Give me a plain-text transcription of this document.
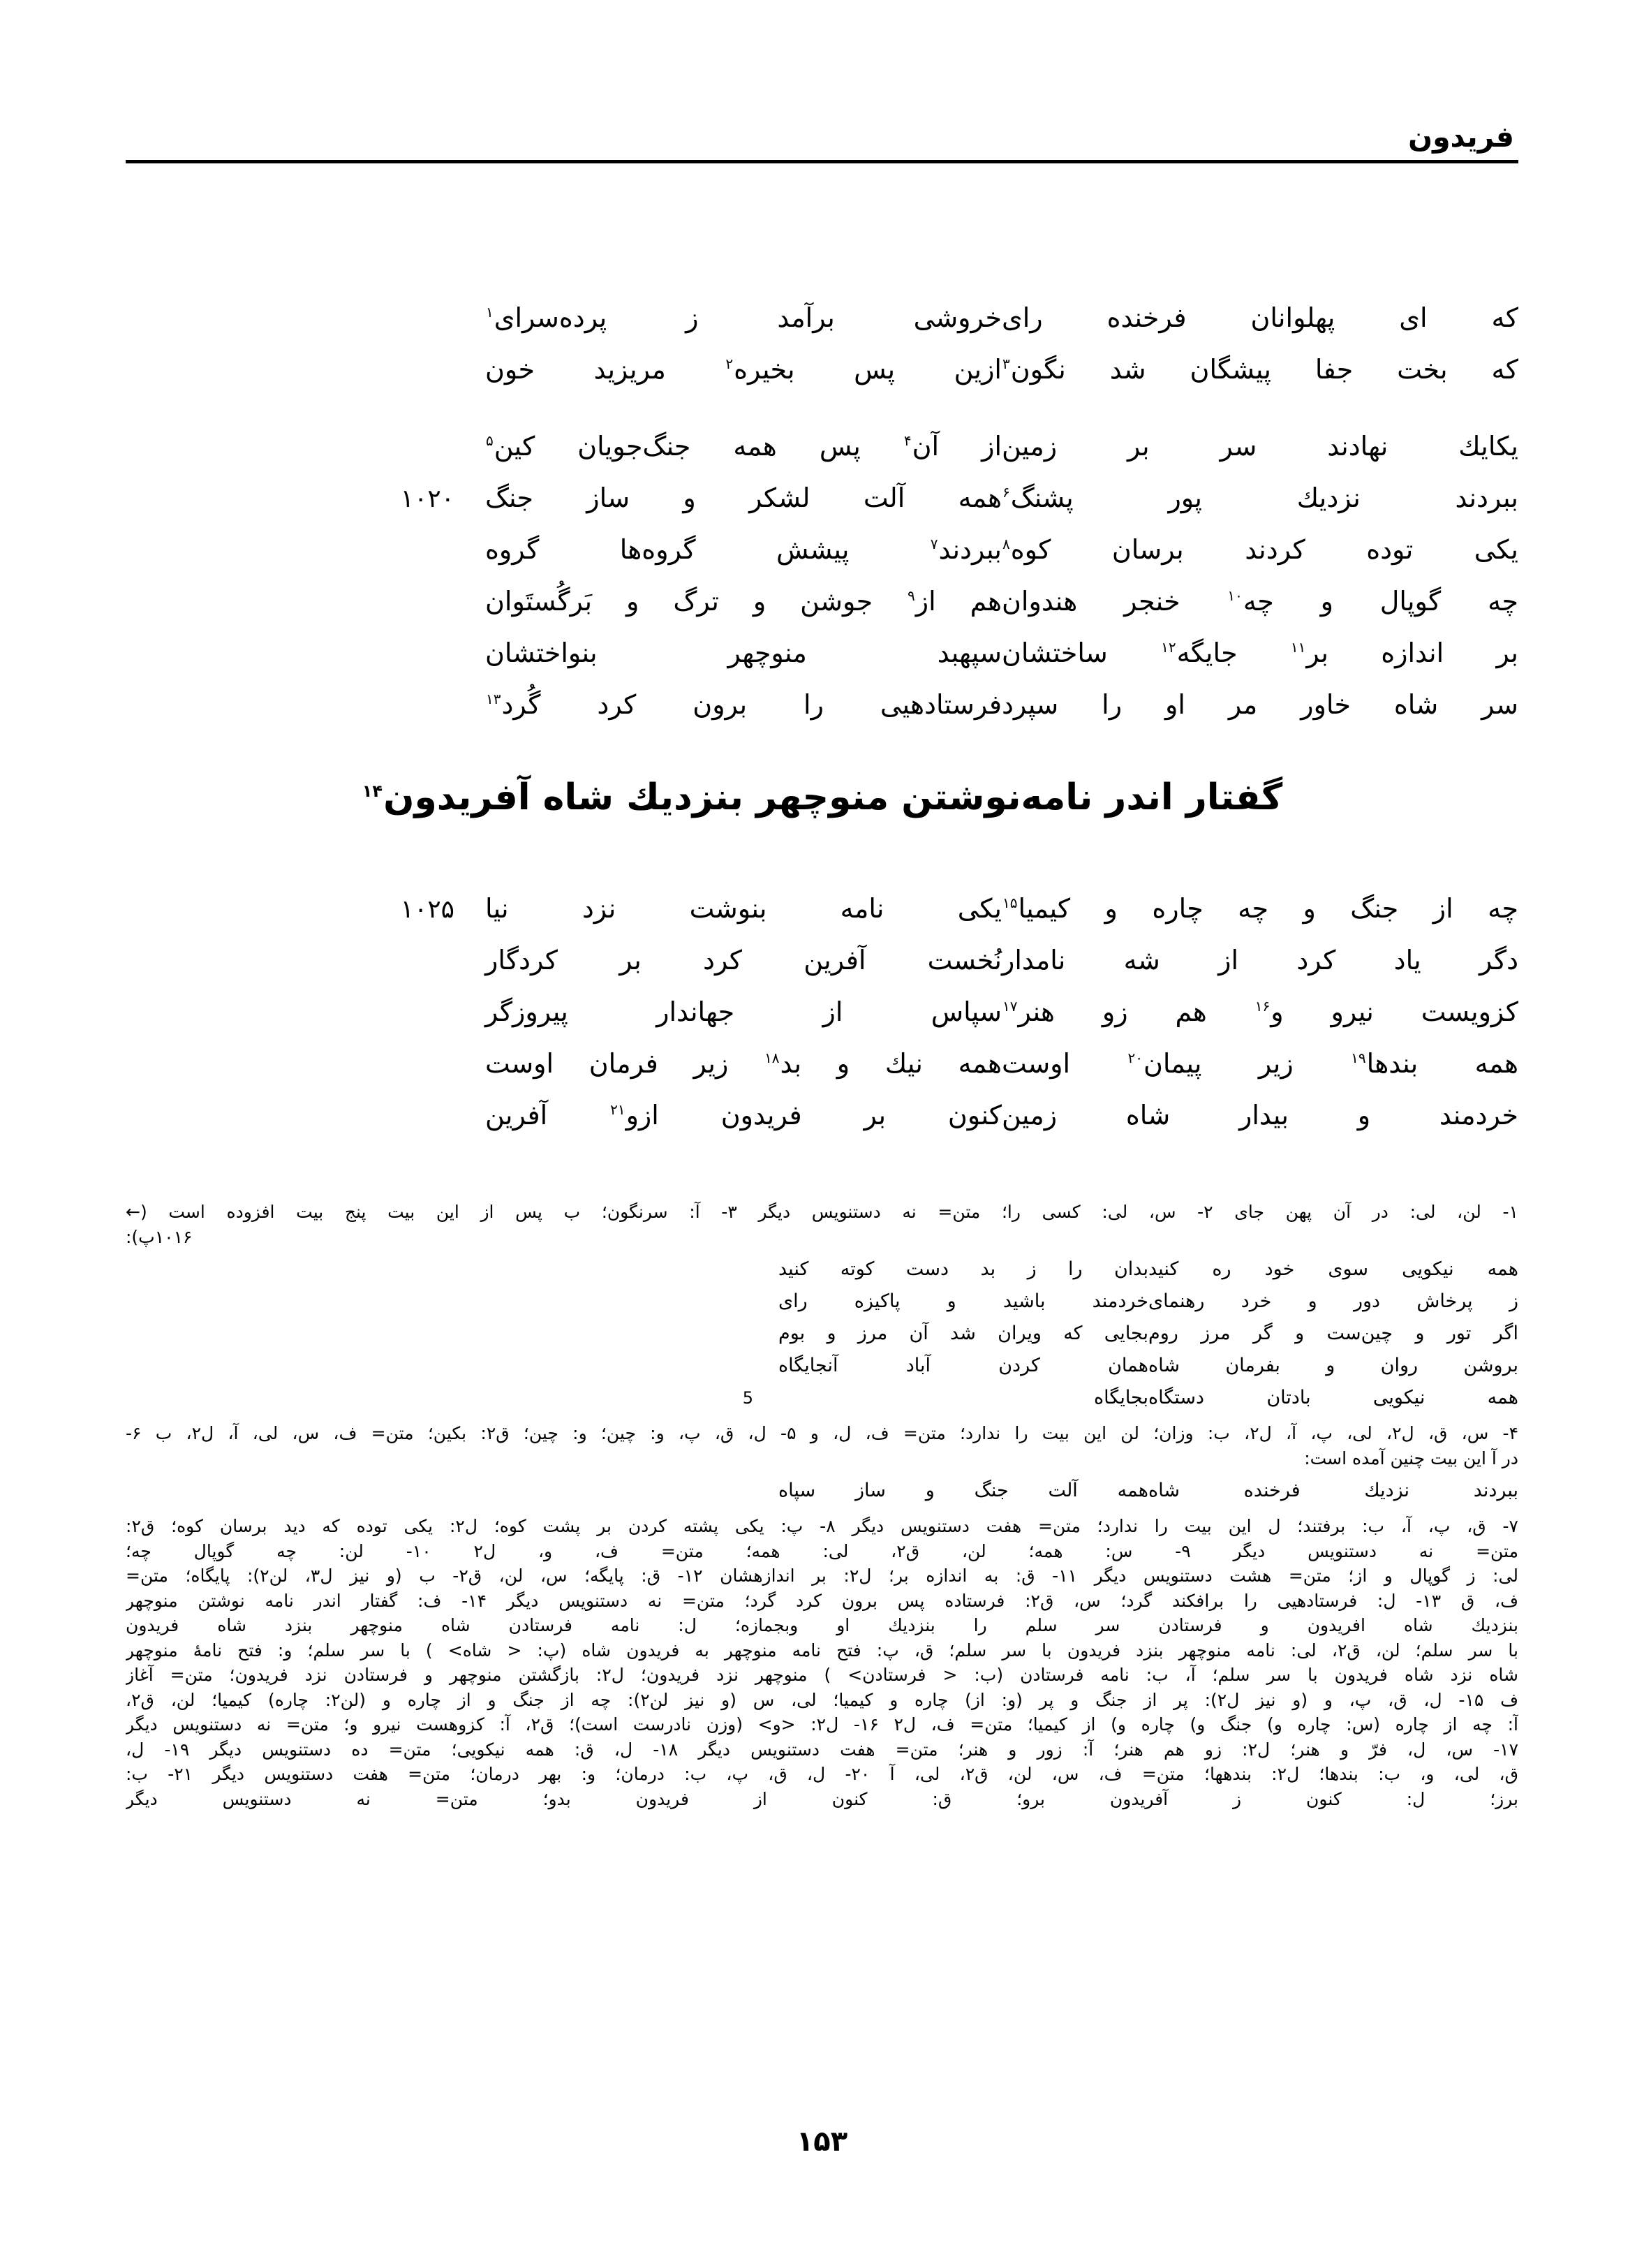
فریدون
که اى پهلوانان فرخنده راى
خروشى برآمد ز پرده‌سراى$^۱$
که بخت جفا پیشگان شد نگون$^۳$
ازین پس بخیره$^۲$ مریزید خون
یکایك نهادند سر بر زمین
از آن$^۴$ پس همه جنگ‌جویان کین$^۵$
ببردند نزدیك پور پشنگ$^۶$
همه آلت لشکر و ساز جنگ
۱۰۲۰
یکى توده کردند برسان کوه$^۸$
ببردند$^۷$ پیشش گروه‌ها گروه
چه گوپال و چه$^{۱۰}$ خنجر هندوان
هم از$^۹$ جوشن و ترگ و بَرگُستَوان
بر اندازه بر$^{۱۱}$ جایگه$^{۱۲}$ ساختشان
سپهبد منوچهر بنواختشان
سر شاه خاور مر او را سپرد
فرستادهیى را برون کرد گُرد$^{۱۳}$
گفتار اندر نامه‌نوشتن منوچهر بنزدیك شاه آفریدون$^{۱۴}$
چه از جنگ و چه چاره و کیمیا$^{۱۵}$
یکى نامه بنوشت نزد نیا
۱۰۲۵
دگر یاد کرد از شه نامدار
نُخست آفرین کرد بر کردگار
کزویست نیرو و$^{۱۶}$ هم زو هنر$^{۱۷}$
سپاس از جهاندار پیروزگر
همه بندها$^{۱۹}$ زیر پیمان$^{۲۰}$ اوست
همه نیك و بد$^{۱۸}$ زیر فرمان اوست
خردمند و بیدار شاه زمین
کنون بر فریدون ازو$^{۲۱}$ آفرین
۱- لن، لى: در آن پهن جاى ۲- س، لى: کسى را؛ متن= نه دستنویس دیگر ۳- آ: سرنگون؛ ب پس از این بیت پنج بیت افزوده است (←
۱۰۱۶پ):
همه نیکویى سوى خود ره کنید
بدان را ز بد دست کوته کنید
ز پرخاش دور و خرد رهنماى
خردمند باشید و پاکیزه راى
اگر تور و چین‌ست و گر مرز روم
بجایى که ویران شد آن مرز و بوم
بروشن روان و بفرمان شاه
همان کردن آباد آنجایگاه
همه نیکویى بادتان دستگاه
بجایگاه
5
۴- س، ق، ل۲، لى، پ، آ، ل۲، ب: وزان؛ لن این بیت را ندارد؛ متن= ف، ل، و ۵- ل، ق، پ، و: چین؛ و: چین؛ ق۲: بکین؛ متن= ف، س، لى، آ، ل۲، ب ۶-
در آ این بیت چنین آمده است:
ببردند نزدیك فرخنده شاه
همه آلت جنگ و ساز سپاه
۷- ق، پ، آ، ب: برفتند؛ ل این بیت را ندارد؛ متن= هفت دستنویس دیگر ۸- پ: یکى پشته کردن بر پشت کوه؛ ل۲: یکى توده که دید برسان کوه؛ ق۲:
متن= نه دستنویس دیگر ۹- س: همه؛ لن، ق۲، لى: همه؛ متن= ف، و، ل۲ ۱۰- لن: چه گوپال چه؛
لى: ز گوپال و از؛ متن= هشت دستنویس دیگر ۱۱- ق: به اندازه بر؛ ل۲: بر اندازهشان ۱۲- ق: پایگه؛ س، لن، ق۲- ب (و نیز ل۳، لن۲): پایگاه؛ متن=
ف، ق ۱۳- ل: فرستادهیى را برافکند گرد؛ س، ق۲: فرستاده پس برون کرد گرد؛ متن= نه دستنویس دیگر ۱۴- ف: گفتار اندر نامه نوشتن منوچهر
بنزدیك شاه افریدون و فرستادن سر سلم را بنزدیك او وبجمازه؛ ل: نامه فرستادن شاه منوچهر بنزد شاه فریدون
با سر سلم؛ لن، ق۲، لى: نامه منوچهر بنزد فریدون با سر سلم؛ ق، پ: فتح نامه منوچهر به فریدون شاه (پ: < شاه> ) با سر سلم؛ و: فتح نامهٔ منوچهر
شاه نزد شاه فریدون با سر سلم؛ آ، ب: نامه فرستادن (ب: < فرستادن> ) منوچهر نزد فریدون؛ ل۲: بازگشتن منوچهر و فرستادن نزد فریدون؛ متن= آغاز
ف ۱۵- ل، ق، پ، و (و نیز ل۲): پر از جنگ و پر (و: از) چاره و کیمیا؛ لى، س (و نیز لن۲): چه از جنگ و از چاره و (لن۲: چاره) کیمیا؛ لن، ق۲،
آ: چه از چاره (س: چاره و) جنگ و) چاره و) از کیمیا؛ متن= ف، ل۲ ۱۶- ل۲: <و> (وزن نادرست است)؛ ق۲، آ: کزوهست نیرو و؛ متن= نه دستنویس دیگر
۱۷- س، ل، فرّ و هنر؛ ل۲: زو هم هنر؛ آ: زور و هنر؛ متن= هفت دستنویس دیگر ۱۸- ل، ق: همه نیکویى؛ متن= ده دستنویس دیگر ۱۹- ل،
ق، لى، و، ب: بندها؛ ل۲: بندهها؛ متن= ف، س، لن، ق۲، لى، آ ۲۰- ل، ق، پ، ب: درمان؛ و: بهر درمان؛ متن= هفت دستنویس دیگر ۲۱- ب:
برز؛ ل: کنون ز آفریدون برو؛ ق: کنون از فریدون بدو؛ متن= نه دستنویس دیگر
۱۵۳
